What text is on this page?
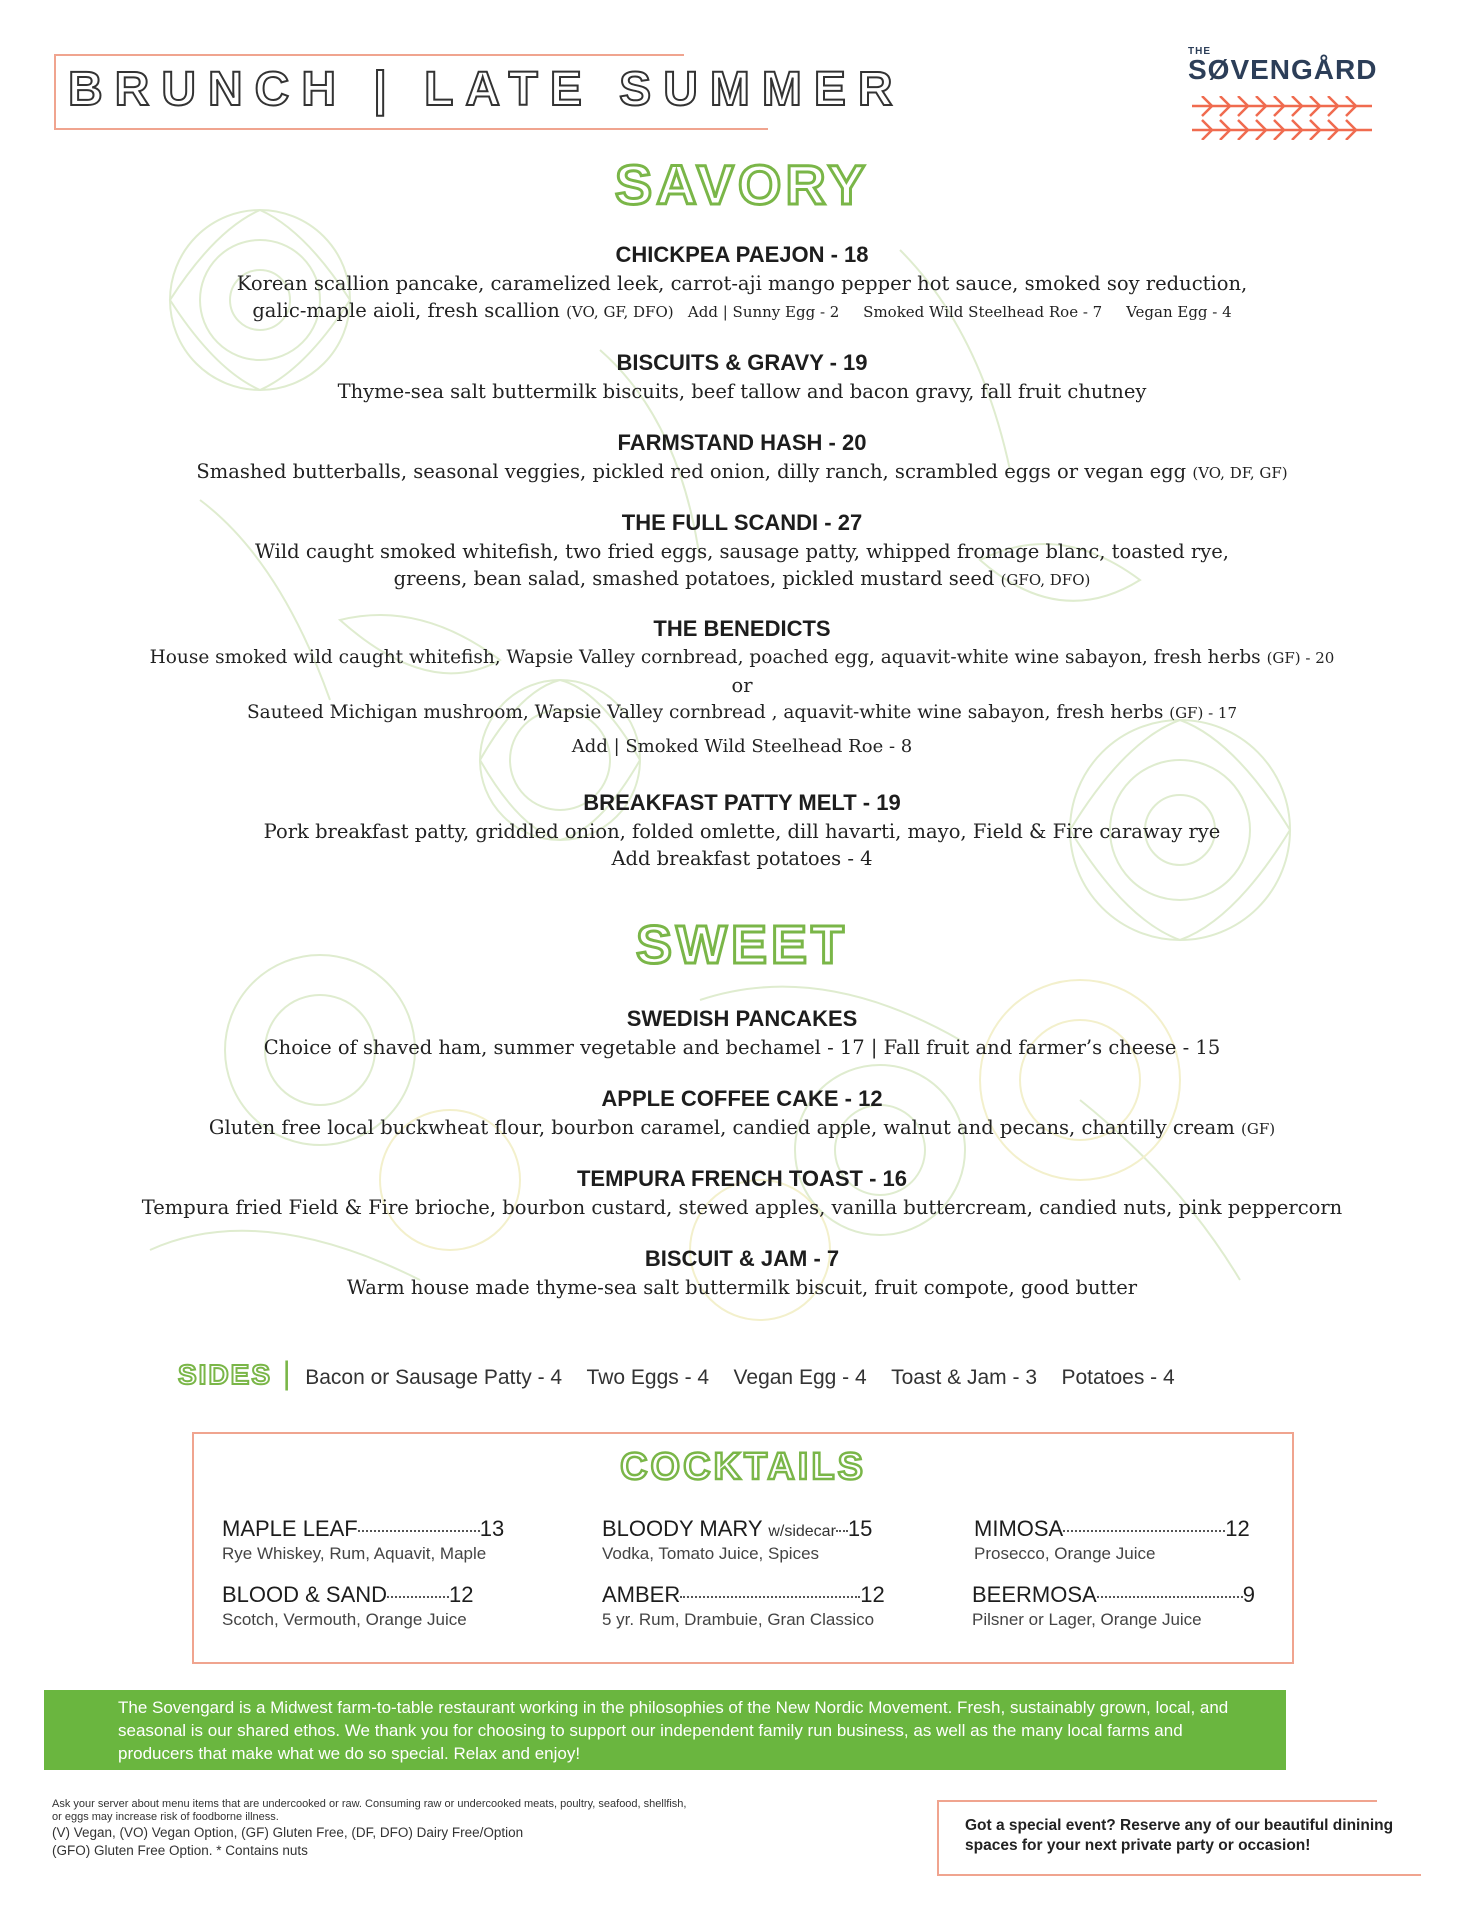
BRUNCH | LATE SUMMER
THE
SØVENGÅRD
SAVORY

CHICKPEA PAEJON - 18

Korean scallion pancake, caramelized leek, carrot-aji mango pepper hot sauce, smoked soy reduction,

galic-maple aioli, fresh scallion (VO, GF, DFO)   Add | Sunny Egg - 2     Smoked Wild Steelhead Roe - 7     Vegan Egg - 4

BISCUITS & GRAVY - 19

Thyme-sea salt buttermilk biscuits, beef tallow and bacon gravy, fall fruit chutney

FARMSTAND HASH - 20

Smashed butterballs, seasonal veggies, pickled red onion, dilly ranch, scrambled eggs or vegan egg (VO, DF, GF)

THE FULL SCANDI - 27

Wild caught smoked whitefish, two fried eggs, sausage patty, whipped fromage blanc, toasted rye,

greens, bean salad, smashed potatoes, pickled mustard seed (GFO, DFO)

THE BENEDICTS

House smoked wild caught whitefish, Wapsie Valley cornbread, poached egg, aquavit-white wine sabayon, fresh herbs (GF) - 20

or

Sauteed Michigan mushroom, Wapsie Valley cornbread , aquavit-white wine sabayon, fresh herbs (GF) - 17

Add | Smoked Wild Steelhead Roe - 8

BREAKFAST PATTY MELT - 19

Pork breakfast patty, griddled onion, folded omlette, dill havarti, mayo, Field & Fire caraway rye

Add breakfast potatoes - 4

SWEET

SWEDISH PANCAKES

Choice of shaved ham, summer vegetable and bechamel - 17 | Fall fruit and farmer’s cheese - 15

APPLE COFFEE CAKE - 12

Gluten free local buckwheat flour, bourbon caramel, candied apple, walnut and pecans, chantilly cream (GF)

TEMPURA FRENCH TOAST - 16

Tempura fried Field & Fire brioche, bourbon custard, stewed apples, vanilla buttercream, candied nuts, pink peppercorn

BISCUIT & JAM - 7

Warm house made thyme-sea salt buttermilk biscuit, fruit compote, good butter

SIDES | Bacon or Sausage Patty - 4 Two Eggs - 4 Vegan Egg - 4 Toast & Jam - 3 Potatoes - 4
COCKTAILS
MAPLE LEAF	13
Rye Whiskey, Rum, Aquavit, Maple
BLOODY MARY w/sidecar 15
Vodka, Tomato Juice, Spices
MIMOSA	12
Prosecco, Orange Juice
BLOOD & SAND	12
Scotch, Vermouth, Orange Juice
AMBER	12
5 yr. Rum, Drambuie, Gran Classico
BEERMOSA	9
Pilsner or Lager, Orange Juice
The Sovengard is a Midwest farm-to-table restaurant working in the philosophies of the New Nordic Movement. Fresh, sustainably grown, local, and seasonal is our shared ethos. We thank you for choosing to support our independent family run business, as well as the many local farms and producers that make what we do so special. Relax and enjoy!
Ask your server about menu items that are undercooked or raw. Consuming raw or undercooked meats, poultry, seafood, shellfish, or eggs may increase risk of foodborne illness.
(V) Vegan, (VO) Vegan Option, (GF) Gluten Free, (DF, DFO) Dairy Free/Option
(GFO) Gluten Free Option. * Contains nuts
Got a special event? Reserve any of our beautiful dinining spaces for your next private party or occasion!
